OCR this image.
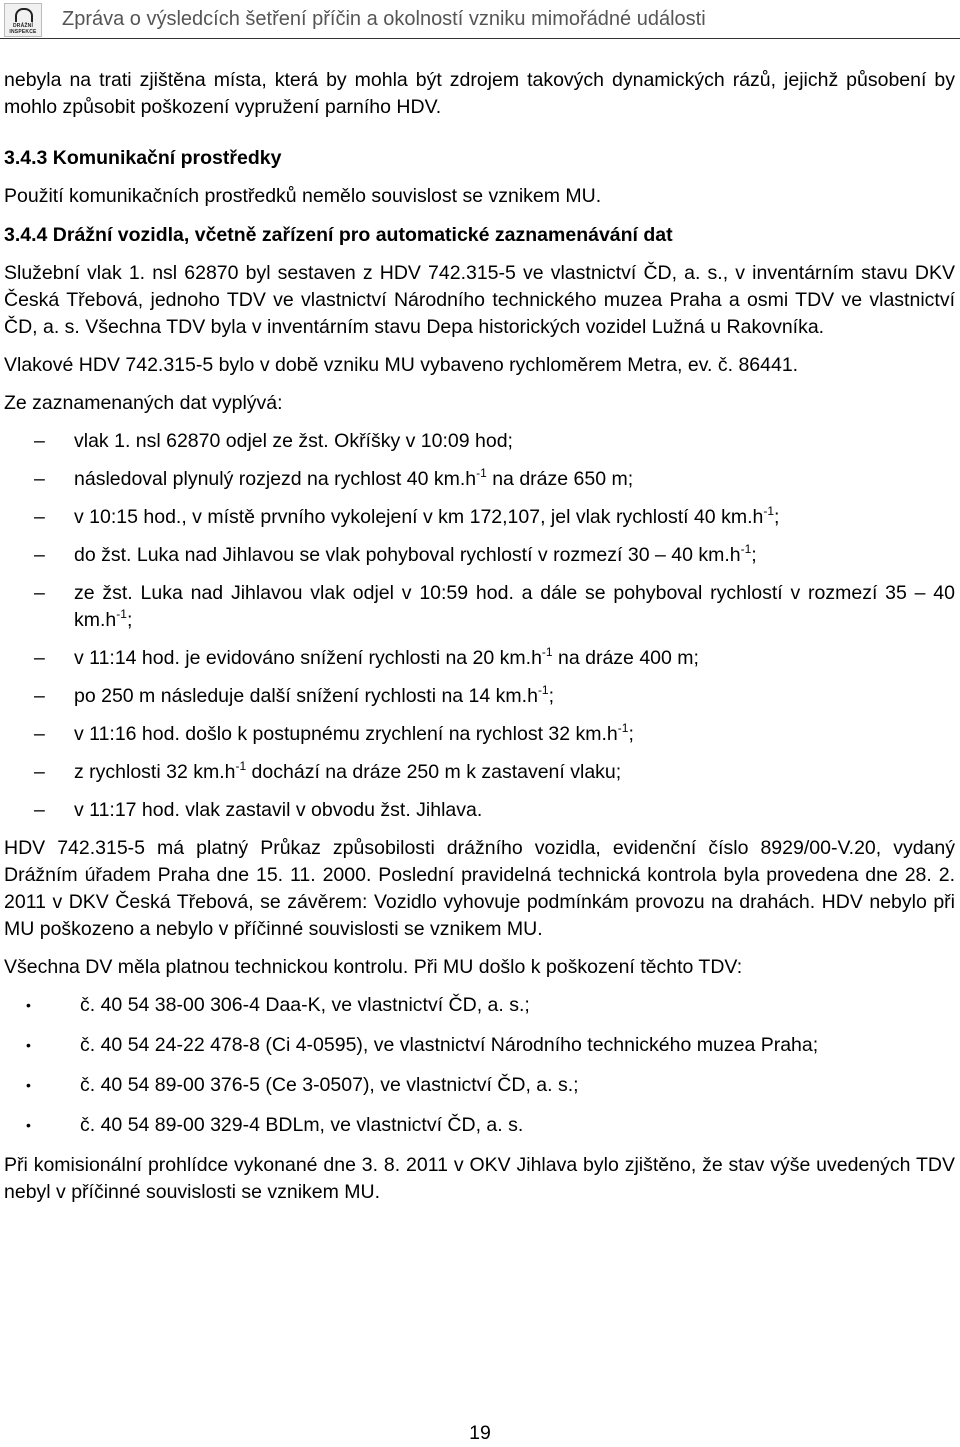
DRÁŽNÍ
INSPEKCE
Zpráva o výsledcích šetření příčin a okolností vzniku mimořádné události

nebyla na trati zjištěna místa, která by mohla být zdrojem takových dynamických rázů, jejichž působení by mohlo způsobit poškození vypružení parního HDV.

3.4.3 Komunikační prostředky

Použití komunikačních prostředků nemělo souvislost se vznikem MU.

3.4.4 Drážní vozidla, včetně zařízení pro automatické zaznamenávání dat

Služební vlak 1. nsl 62870 byl sestaven z HDV 742.315-5 ve vlastnictví ČD, a. s., v inventárním stavu DKV Česká Třebová, jednoho TDV ve vlastnictví Národního technického muzea Praha a osmi TDV ve vlastnictví ČD, a. s. Všechna TDV byla v inventárním stavu Depa historických vozidel Lužná u Rakovníka.

Vlakové HDV 742.315-5 bylo v době vzniku MU vybaveno rychloměrem Metra, ev. č. 86441.

Ze zaznamenaných dat vyplývá:

– vlak 1. nsl 62870 odjel ze žst. Okříšky v 10:09 hod;
– následoval plynulý rozjezd na rychlost 40 $km.h^{-1}$ na dráze 650 m;
– v 10:15 hod., v místě prvního vykolejení v km 172,107, jel vlak rychlostí 40 $km.h^{-1}$;
– do žst. Luka nad Jihlavou se vlak pohyboval rychlostí v rozmezí 30 – 40 $km.h^{-1}$;
– ze žst. Luka nad Jihlavou vlak odjel v 10:59 hod. a dále se pohyboval rychlostí v rozmezí 35 – 40 $km.h^{-1}$;
– v 11:14 hod. je evidováno snížení rychlosti na 20 $km.h^{-1}$ na dráze 400 m;
– po 250 m následuje další snížení rychlosti na 14 $km.h^{-1}$;
– v 11:16 hod. došlo k postupnému zrychlení na rychlost 32 $km.h^{-1}$;
– z rychlosti 32 $km.h^{-1}$ dochází na dráze 250 m k zastavení vlaku;
– v 11:17 hod. vlak zastavil v obvodu žst. Jihlava.

HDV 742.315-5 má platný Průkaz způsobilosti drážního vozidla, evidenční číslo 8929/00-V.20, vydaný Drážním úřadem Praha dne 15. 11. 2000. Poslední pravidelná technická kontrola byla provedena dne 28. 2. 2011 v DKV Česká Třebová, se závěrem: Vozidlo vyhovuje podmínkám provozu na drahách. HDV nebylo při MU poškozeno a nebylo v příčinné souvislosti se vznikem MU.

Všechna DV měla platnou technickou kontrolu. Při MU došlo k poškození těchto TDV:

•	č. 40 54 38-00 306-4 Daa-K, ve vlastnictví ČD, a. s.;
•	č. 40 54 24-22 478-8 (Ci 4-0595), ve vlastnictví Národního technického muzea Praha;
•	č. 40 54 89-00 376-5 (Ce 3-0507), ve vlastnictví ČD, a. s.;
•	č. 40 54 89-00 329-4 BDLm, ve vlastnictví ČD, a. s.

Při komisionální prohlídce vykonané dne 3. 8. 2011 v OKV Jihlava bylo zjištěno, že stav výše uvedených TDV nebyl v příčinné souvislosti se vznikem MU.

19
